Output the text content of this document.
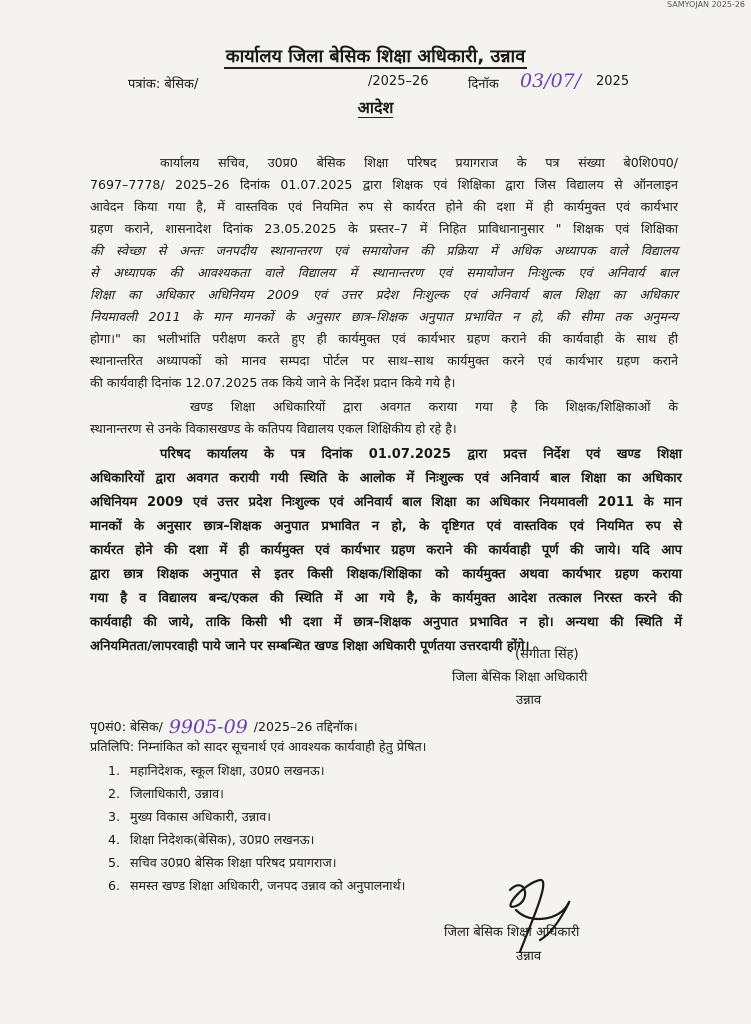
SAMYOJAN 2025-26
कार्यालय जिला बेसिक शिक्षा अधिकारी, उन्नाव
पत्रांक: बेसिक/	/2025–26	दिनॉक 03/07/ 2025
आदेश
कार्यालय सचिव, उ0प्र0 बेसिक शिक्षा परिषद प्रयागराज के पत्र संख्या बे0शि0प0/
7697–7778/ 2025–26 दिनांक 01.07.2025 द्वारा शिक्षक एवं शिक्षिका द्वारा जिस विद्यालय से ऑनलाइन
आवेदन किया गया है, में वास्तविक एवं नियमित रुप से कार्यरत होने की दशा में ही कार्यमुक्त एवं कार्यभार
ग्रहण कराने, शासनादेश दिनांक 23.05.2025 के प्रस्तर–7 में निहित प्राविधानानुसार " शिक्षक एवं शिक्षिका
की स्वेच्छा से अन्तः जनपदीय स्थानान्तरण एवं समायोजन की प्रक्रिया में अधिक अध्यापक वाले विद्यालय
से अध्यापक की आवश्यकता वाले विद्यालय में स्थानान्तरण एवं समायोजन निःशुल्क एवं अनिवार्य बाल
शिक्षा का अधिकार अधिनियम 2009 एवं उत्तर प्रदेश निःशुल्क एवं अनिवार्य बाल शिक्षा का अधिकार
नियमावली 2011 के मान मानकों के अनुसार छात्र–शिक्षक अनुपात प्रभावित न हो, की सीमा तक अनुमन्य
होगा।" का भलीभांति परीक्षण करते हुए ही कार्यमुक्त एवं कार्यभार ग्रहण कराने की कार्यवाही के साथ ही
स्थानान्तरित अध्यापकों को मानव सम्पदा पोर्टल पर साथ–साथ कार्यमुक्त करने एवं कार्यभार ग्रहण कराने
की कार्यवाही दिनांक 12.07.2025 तक किये जाने के निर्देश प्रदान किये गये है।
खण्ड शिक्षा अधिकारियों द्वारा अवगत कराया गया है कि शिक्षक/शिक्षिकाओं के
स्थानान्तरण से उनके विकासखण्ड के कतिपय विद्यालय एकल शिक्षिकीय हो रहे है।
परिषद कार्यालय के पत्र दिनांक 01.07.2025 द्वारा प्रदत्त निर्देश एवं खण्ड शिक्षा
अधिकारियों द्वारा अवगत करायी गयी स्थिति के आलोक में निःशुल्क एवं अनिवार्य बाल शिक्षा का अधिकार
अधिनियम 2009 एवं उत्तर प्रदेश निःशुल्क एवं अनिवार्य बाल शिक्षा का अधिकार नियमावली 2011 के मान
मानकों के अनुसार छात्र–शिक्षक अनुपात प्रभावित न हो, के दृष्टिगत एवं वास्तविक एवं नियमित रुप से
कार्यरत होने की दशा में ही कार्यमुक्त एवं कार्यभार ग्रहण कराने की कार्यवाही पूर्ण की जाये। यदि आप
द्वारा छात्र शिक्षक अनुपात से इतर किसी शिक्षक/शिक्षिका को कार्यमुक्त अथवा कार्यभार ग्रहण कराया
गया है व विद्यालय बन्द/एकल की स्थिति में आ गये है, के कार्यमुक्त आदेश तत्काल निरस्त करने की
कार्यवाही की जाये, ताकि किसी भी दशा में छात्र–शिक्षक अनुपात प्रभावित न हो। अन्यथा की स्थिति में
अनियमितता/लापरवाही पाये जाने पर सम्बन्धित खण्ड शिक्षा अधिकारी पूर्णतया उत्तरदायी होंगे।
(संगीता सिंह)
जिला बेसिक शिक्षा अधिकारी
उन्नाव
पृ0सं0: बेसिक/ 9905-09 /2025–26 तद्दिनॉक।
प्रतिलिपि: निम्नांकित को सादर सूचनार्थ एवं आवश्यक कार्यवाही हेतु प्रेषित।
1. महानिदेशक, स्कूल शिक्षा, उ0प्र0 लखनऊ।
2. जिलाधिकारी, उन्नाव।
3. मुख्य विकास अधिकारी, उन्नाव।
4. शिक्षा निदेशक(बेसिक), उ0प्र0 लखनऊ।
5. सचिव उ0प्र0 बेसिक शिक्षा परिषद प्रयागराज।
6. समस्त खण्ड शिक्षा अधिकारी, जनपद उन्नाव को अनुपालनार्थ।
जिला बेसिक शिक्षा अधिकारी
उन्नाव
